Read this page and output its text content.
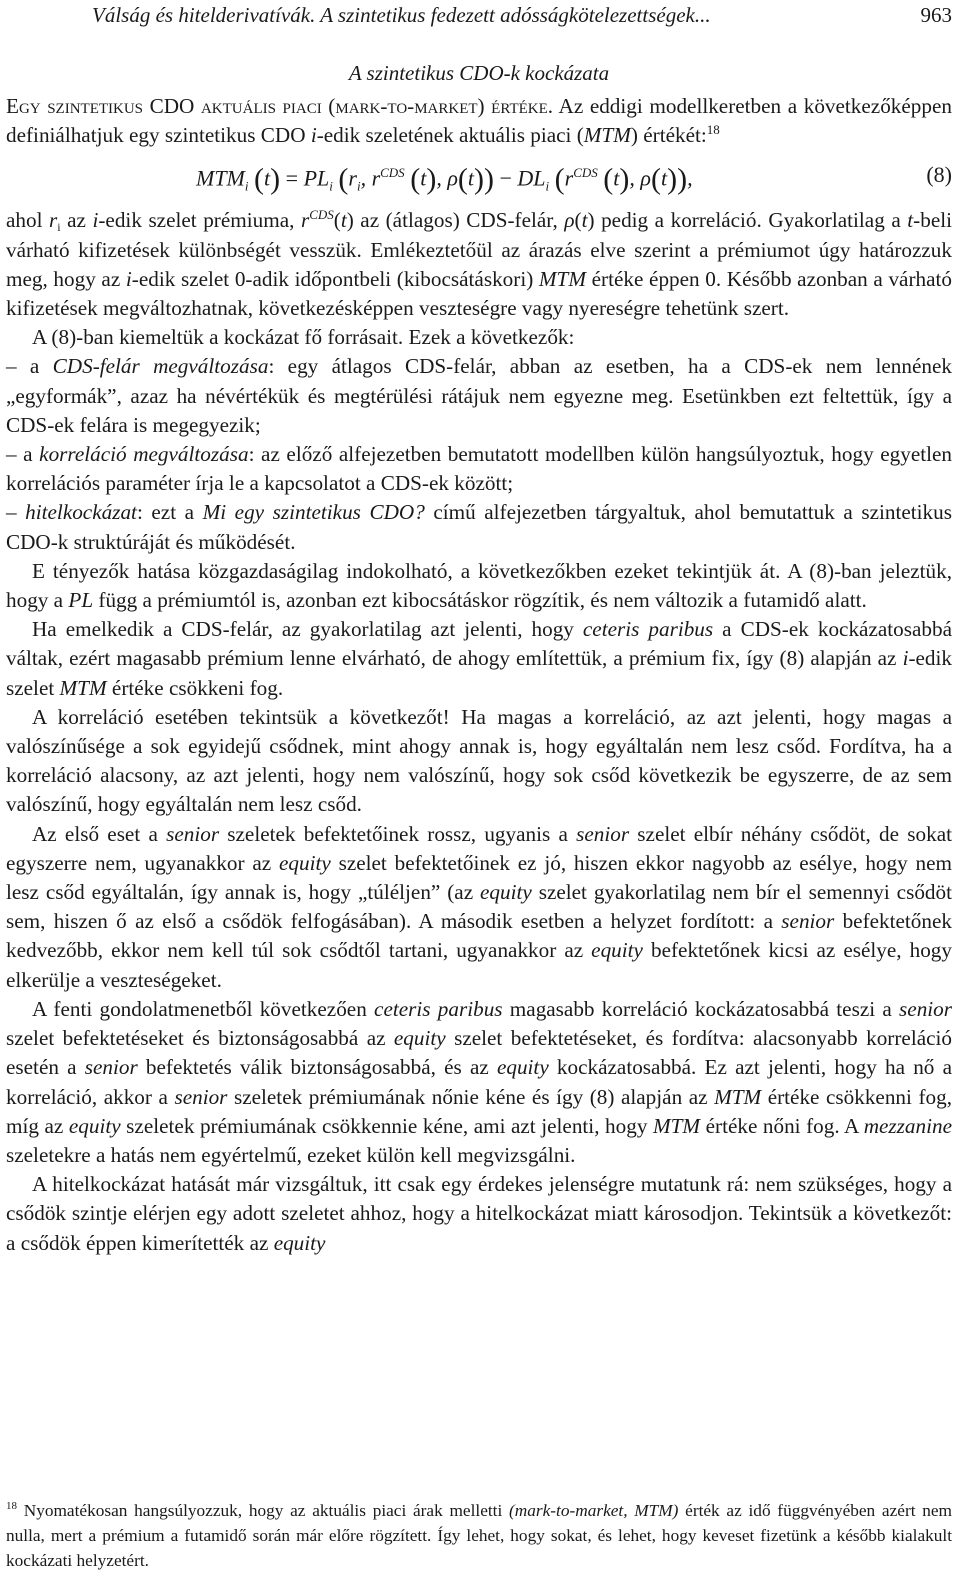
Válság és hitelderivatívák. A szintetikus fedezett adósságkötelezettségek...	963
A szintetikus CDO-k kockázata

Egy szintetikus CDO aktuális piaci (mark-to-market) értéke. Az eddigi modellkeretben a következőképpen definiálhatjuk egy szintetikus CDO i-edik szeletének aktuális piaci (MTM) értékét:$^{18}$

$MTM_i$ $(t) = PL_i$ ($r_i$, $r^{CDS}$ (t), $\rho(t)) - DL_i$ ($r^{CDS}$ (t), ρ(t)),	(8)

ahol ri az i-edik szelet prémiuma, $r^{CDS}(t)$ az (átlagos) CDS-felár, ρ(t) pedig a korreláció. Gyakorlatilag a t-beli várható kifizetések különbségét vesszük. Emlékeztetőül az árazás elve szerint a prémiumot úgy határozzuk meg, hogy az i-edik szelet 0-adik időpontbeli (kibocsátáskori) MTM értéke éppen 0. Később azonban a várható kifizetések megváltozhatnak, következésképpen veszteségre vagy nyereségre tehetünk szert.

A (8)-ban kiemeltük a kockázat fő forrásait. Ezek a következők:

– a CDS-felár megváltozása: egy átlagos CDS-felár, abban az esetben, ha a CDS-ek nem lennének „egyformák”, azaz ha névértékük és megtérülési rátájuk nem egyezne meg. Esetünkben ezt feltettük, így a CDS-ek felára is megegyezik;

– a korreláció megváltozása: az előző alfejezetben bemutatott modellben külön hangsúlyoztuk, hogy egyetlen korrelációs paraméter írja le a kapcsolatot a CDS-ek között;

– hitelkockázat: ezt a Mi egy szintetikus CDO? című alfejezetben tárgyaltuk, ahol bemutattuk a szintetikus CDO-k struktúráját és működését.

E tényezők hatása közgazdaságilag indokolható, a következőkben ezeket tekintjük át. A (8)-ban jeleztük, hogy a PL függ a prémiumtól is, azonban ezt kibocsátáskor rögzítik, és nem változik a futamidő alatt.

Ha emelkedik a CDS-felár, az gyakorlatilag azt jelenti, hogy ceteris paribus a CDS-ek kockázatosabbá váltak, ezért magasabb prémium lenne elvárható, de ahogy említettük, a prémium fix, így (8) alapján az i-edik szelet MTM értéke csökkeni fog.

A korreláció esetében tekintsük a következőt! Ha magas a korreláció, az azt jelenti, hogy magas a valószínűsége a sok egyidejű csődnek, mint ahogy annak is, hogy egyáltalán nem lesz csőd. Fordítva, ha a korreláció alacsony, az azt jelenti, hogy nem valószínű, hogy sok csőd következik be egyszerre, de az sem valószínű, hogy egyáltalán nem lesz csőd.

Az első eset a senior szeletek befektetőinek rossz, ugyanis a senior szelet elbír néhány csődöt, de sokat egyszerre nem, ugyanakkor az equity szelet befektetőinek ez jó, hiszen ekkor nagyobb az esélye, hogy nem lesz csőd egyáltalán, így annak is, hogy „túléljen” (az equity szelet gyakorlatilag nem bír el semennyi csődöt sem, hiszen ő az első a csődök felfogásában). A második esetben a helyzet fordított: a senior befektetőnek kedvezőbb, ekkor nem kell túl sok csődtől tartani, ugyanakkor az equity befektetőnek kicsi az esélye, hogy elkerülje a veszteségeket.

A fenti gondolatmenetből következően ceteris paribus magasabb korreláció kockázatosabbá teszi a senior szelet befektetéseket és biztonságosabbá az equity szelet befektetéseket, és fordítva: alacsonyabb korreláció esetén a senior befektetés válik biztonságosabbá, és az equity kockázatosabbá. Ez azt jelenti, hogy ha nő a korreláció, akkor a senior szeletek prémiumának nőnie kéne és így (8) alapján az MTM értéke csökkenni fog, míg az equity szeletek prémiumának csökkennie kéne, ami azt jelenti, hogy MTM értéke nőni fog. A mezzanine szeletekre a hatás nem egyértelmű, ezeket külön kell megvizsgálni.

A hitelkockázat hatását már vizsgáltuk, itt csak egy érdekes jelenségre mutatunk rá: nem szükséges, hogy a csődök szintje elérjen egy adott szeletet ahhoz, hogy a hitelkockázat miatt károsodjon. Tekintsük a következőt: a csődök éppen kimerítették az equity

$^{18}$ Nyomatékosan hangsúlyozzuk, hogy az aktuális piaci árak melletti (mark-to-market, MTM) érték az idő függvényében azért nem nulla, mert a prémium a futamidő során már előre rögzített. Így lehet, hogy sokat, és lehet, hogy keveset fizetünk a később kialakult kockázati helyzetért.
